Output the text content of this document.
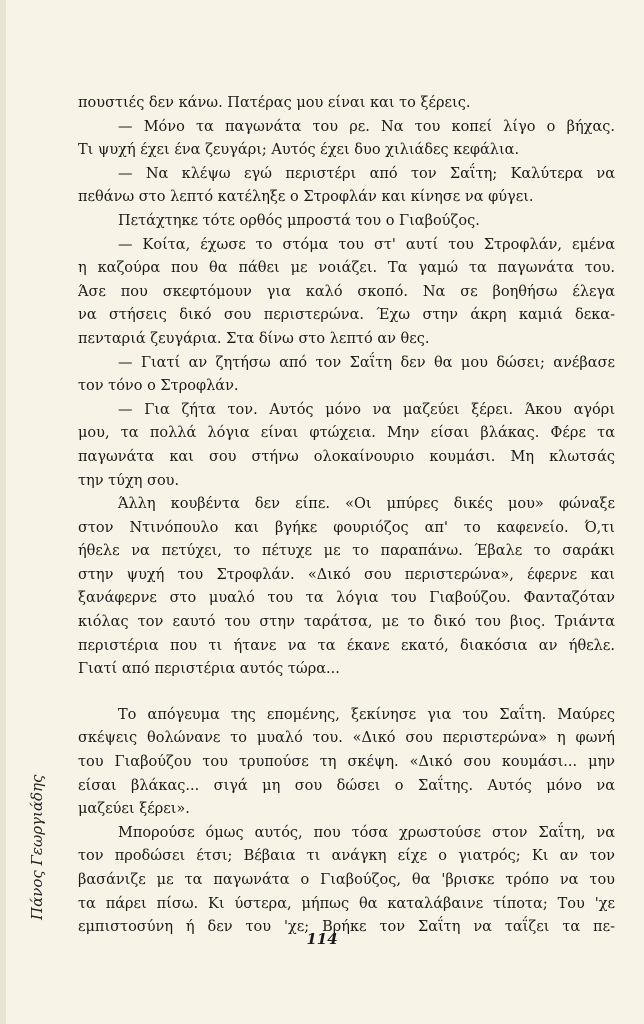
πουστιές δεν κάνω. Πατέρας μου είναι και το ξέρεις.
— Μόνο τα παγωνάτα του ρε. Να του κοπεί λίγο ο βήχας.
Τι ψυχή έχει ένα ζευγάρι; Αυτός έχει δυο χιλιάδες κεφάλια.
— Να κλέψω εγώ περιστέρι από τον Σαΐτη; Καλύτερα να
πεθάνω στο λεπτό κατέληξε ο Στροφλάν και κίνησε να φύγει.
Πετάχτηκε τότε ορθός μπροστά του ο Γιαβούζος.
— Κοίτα, έχωσε το στόμα του στ' αυτί του Στροφλάν, εμένα
η καζούρα που θα πάθει με νοιάζει. Τα γαμώ τα παγωνάτα του.
Άσε που σκεφτόμουν για καλό σκοπό. Να σε βοηθήσω έλεγα
να στήσεις δικό σου περιστερώνα. Έχω στην άκρη καμιά δεκα-
πενταριά ζευγάρια. Στα δίνω στο λεπτό αν θες.
— Γιατί αν ζητήσω από τον Σαΐτη δεν θα μου δώσει; ανέβασε
τον τόνο ο Στροφλάν.
— Για ζήτα τον. Αυτός μόνο να μαζεύει ξέρει. Άκου αγόρι
μου, τα πολλά λόγια είναι φτώχεια. Μην είσαι βλάκας. Φέρε τα
παγωνάτα και σου στήνω ολοκαίνουριο κουμάσι. Μη κλωτσάς
την τύχη σου.
Άλλη κουβέντα δεν είπε. «Οι μπύρες δικές μου» φώναξε
στον Ντινόπουλο και βγήκε φουριόζος απ' το καφενείο. Ό,τι
ήθελε να πετύχει, το πέτυχε με το παραπάνω. Έβαλε το σαράκι
στην ψυχή του Στροφλάν. «Δικό σου περιστερώνα», έφερνε και
ξανάφερνε στο μυαλό του τα λόγια του Γιαβούζου. Φανταζόταν
κιόλας τον εαυτό του στην ταράτσα, με το δικό του βιος. Τριάντα
περιστέρια που τι ήτανε να τα έκανε εκατό, διακόσια αν ήθελε.
Γιατί από περιστέρια αυτός τώρα...
Το απόγευμα της επομένης, ξεκίνησε για του Σαΐτη. Μαύρες
σκέψεις θολώνανε το μυαλό του. «Δικό σου περιστερώνα» η φωνή
του Γιαβούζου του τρυπούσε τη σκέψη. «Δικό σου κουμάσι... μην
είσαι βλάκας... σιγά μη σου δώσει ο Σαΐτης. Αυτός μόνο να
μαζεύει ξέρει».
Μπορούσε όμως αυτός, που τόσα χρωστούσε στον Σαΐτη, να
τον προδώσει έτσι; Βέβαια τι ανάγκη είχε ο γιατρός; Κι αν τον
βασάνιζε με τα παγωνάτα ο Γιαβούζος, θα 'βρισκε τρόπο να του
τα πάρει πίσω. Κι ύστερα, μήπως θα καταλάβαινε τίποτα; Του 'χε
εμπιστοσύνη ή δεν του 'χε; Βρήκε τον Σαΐτη να ταΐζει τα πε-
Πάνος Γεωργιάδης
114
